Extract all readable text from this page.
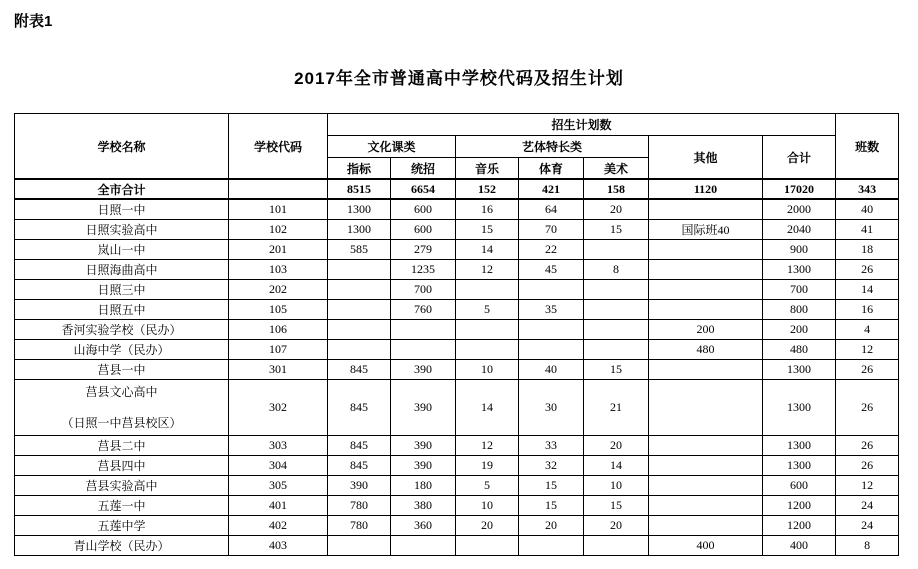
附表1
2017年全市普通高中学校代码及招生计划
学校名称	学校代码	招生计划数							班数
		文化课类		艺体特长类			其他	合计	
		指标	统招	音乐	体育	美术			
全市合计		8515	6654	152	421	158	1120	17020	343
日照一中	101	1300	600	16	64	20		2000	40
日照实验高中	102	1300	600	15	70	15	国际班40	2040	41
岚山一中	201	585	279	14	22			900	18
日照海曲高中	103		1235	12	45	8		1300	26
日照三中	202		700					700	14
日照五中	105		760	5	35			800	16
香河实验学校（民办）	106						200	200	4
山海中学（民办）	107						480	480	12
莒县一中	301	845	390	10	40	15		1300	26

莒县文心高中
（日照一中莒县校区）	302	845	390	14	30	21		1300	26
莒县二中	303	845	390	12	33	20		1300	26
莒县四中	304	845	390	19	32	14		1300	26
莒县实验高中	305	390	180	5	15	10		600	12
五莲一中	401	780	380	10	15	15		1200	24
五莲中学	402	780	360	20	20	20		1200	24
青山学校（民办）	403						400	400	8
